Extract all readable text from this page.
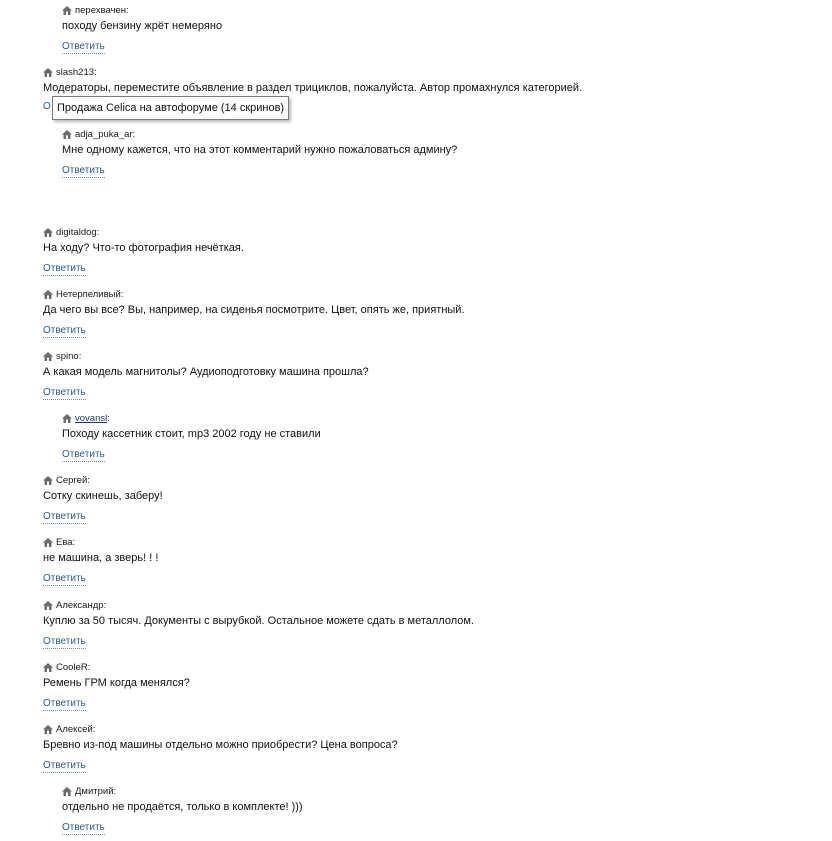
перехвачен:
походу бензину жрёт немеряно
Ответить
slash213:
Модераторы, переместите объявление в раздел трициклов, пожалуйста. Автор промахнулся категорией.
О Продажа Celica на автофоруме (14 скринов)
adja_puka_ar:
Мне одному кажется, что на этот комментарий нужно пожаловаться админу?
Ответить
digitaldog:
На ходу? Что-то фотография нечёткая.
Ответить
Нетерпеливый:
Да чего вы все? Вы, например, на сиденья посмотрите. Цвет, опять же, приятный.
Ответить
spino:
А какая модель магнитолы? Аудиоподготовку машина прошла?
Ответить
vovansl :
Походу кассетник стоит, mp3 2002 году не ставили
Ответить
Сергей:
Сотку скинешь, заберу!
Ответить
Ева:
не машина, а зверь! ! !
Ответить
Александр:
Куплю за 50 тысяч. Документы с вырубкой. Остальное можете сдать в металлолом.
Ответить
CooleR:
Ремень ГРМ когда менялся?
Ответить
Алексей:
Бревно из-под машины отдельно можно приобрести? Цена вопроса?
Ответить
Дмитрий:
отдельно не продаётся, только в комплекте! )))
Ответить
